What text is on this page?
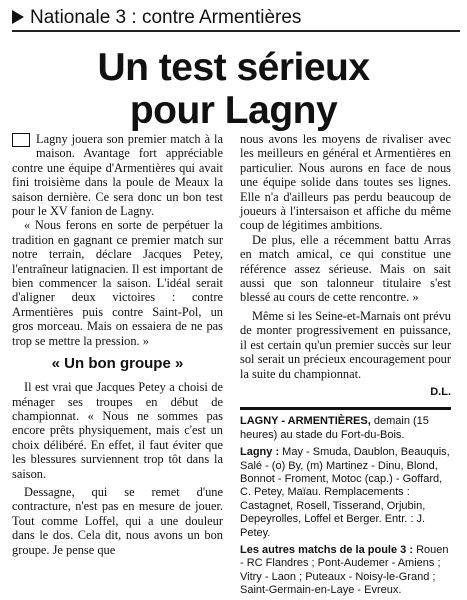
Nationale 3 : contre Armentières
Un test sérieux
pour Lagny

Lagny jouera son premier match à la maison. Avantage fort appréciable contre une équipe d'Armentières qui avait fini troisième dans la poule de Meaux la saison dernière. Ce sera donc un bon test pour le XV fanion de Lagny.

« Nous ferons en sorte de perpétuer la tradition en gagnant ce premier match sur notre terrain, déclare Jacques Petey, l'entraîneur latignacien. Il est important de bien commencer la saison. L'idéal serait d'aligner deux victoires : contre Armentières puis contre Saint-Pol, un gros morceau. Mais on essaiera de ne pas trop se mettre la pression. »

« Un bon groupe »

Il est vrai que Jacques Petey a choisi de ménager ses troupes en début de championnat. « Nous ne sommes pas encore prêts physiquement, mais c'est un choix délibéré. En effet, il faut éviter que les blessures surviennent trop tôt dans la saison.

Dessagne, qui se remet d'une contracture, n'est pas en mesure de jouer. Tout comme Loffel, qui a une douleur dans le dos. Cela dit, nous avons un bon groupe. Je pense que

nous avons les moyens de rivaliser avec les meilleurs en général et Armentières en particulier. Nous aurons en face de nous une équipe solide dans toutes ses lignes. Elle n'a d'ailleurs pas perdu beaucoup de joueurs à l'intersaison et affiche du même coup de légitimes ambitions.

De plus, elle a récemment battu Arras en match amical, ce qui constitue une référence assez sérieuse. Mais on sait aussi que son talonneur titulaire s'est blessé au cours de cette rencontre. »

Même si les Seine-et-Marnais ont prévu de monter progressivement en puissance, il est certain qu'un premier succès sur leur sol serait un précieux encouragement pour la suite du championnat.

D.L.

LAGNY - ARMENTIÈRES, demain (15 heures) au stade du Fort-du-Bois.

Lagny : May - Smuda, Daublon, Beauquis, Salé - (o) By, (m) Martinez - Dinu, Blond, Bonnot - Froment, Motoc (cap.) - Goffard, C. Petey, Maïau. Remplacements : Castagnet, Rosell, Tisserand, Orjubin, Depeyrolles, Loffel et Berger. Entr. : J. Petey.

Les autres matchs de la poule 3 : Rouen - RC Flandres ; Pont-Audemer - Amiens ; Vitry - Laon ; Puteaux - Noisy-le-Grand ; Saint-Germain-en-Laye - Evreux.
